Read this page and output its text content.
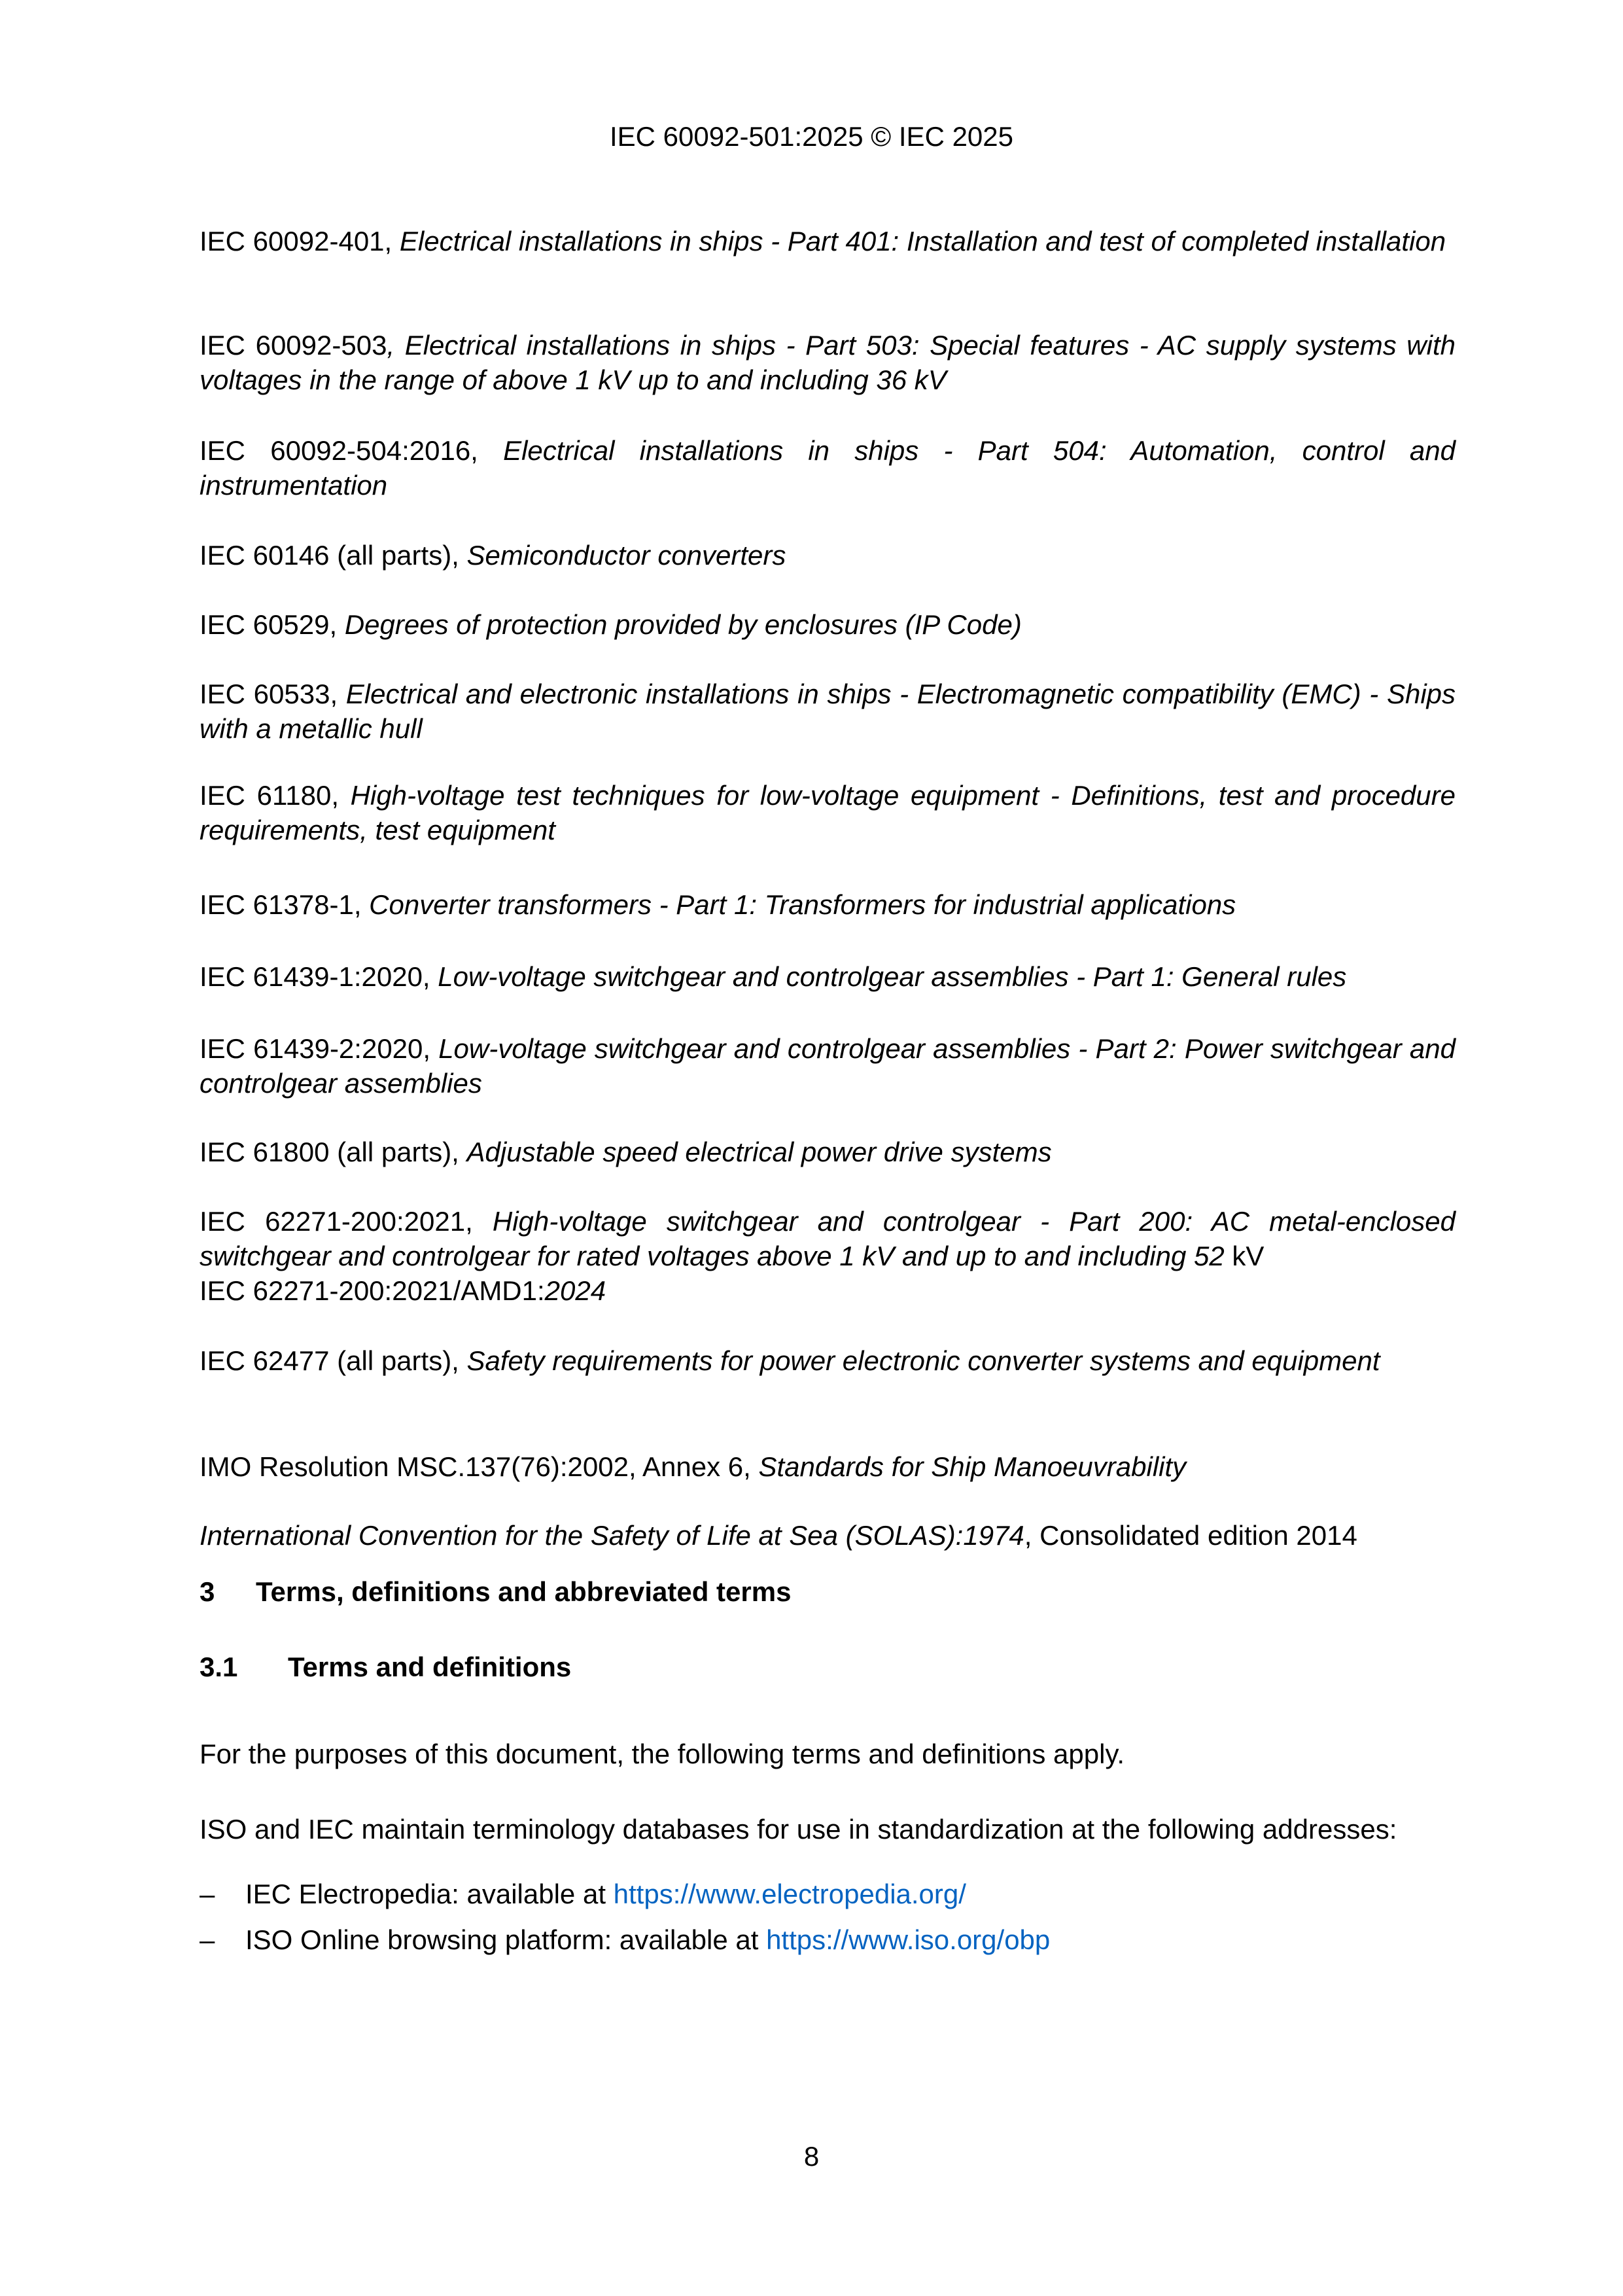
IEC 60092-501:2025 © IEC 2025

IEC 60092-401, Electrical installations in ships - Part 401: Installation and test of completed installation

IEC 60092-503, Electrical installations in ships - Part 503: Special features - AC supply systems with voltages in the range of above 1 kV up to and including 36 kV

IEC 60092-504:2016, Electrical installations in ships - Part 504: Automation, control and instrumentation

IEC 60146 (all parts), Semiconductor converters

IEC 60529, Degrees of protection provided by enclosures (IP Code)

IEC 60533, Electrical and electronic installations in ships - Electromagnetic compatibility (EMC) - Ships with a metallic hull

IEC 61180, High-voltage test techniques for low-voltage equipment - Definitions, test and procedure requirements, test equipment

IEC 61378-1, Converter transformers - Part 1: Transformers for industrial applications

IEC 61439-1:2020, Low-voltage switchgear and controlgear assemblies - Part 1: General rules

IEC 61439-2:2020, Low-voltage switchgear and controlgear assemblies - Part 2: Power switchgear and controlgear assemblies

IEC 61800 (all parts), Adjustable speed electrical power drive systems

IEC 62271-200:2021, High-voltage switchgear and controlgear - Part 200: AC metal-enclosed switchgear and controlgear for rated voltages above 1 kV and up to and including 52 kV

IEC 62271-200:2021/AMD1:2024

IEC 62477 (all parts), Safety requirements for power electronic converter systems and equipment

IMO Resolution MSC.137(76):2002, Annex 6, Standards for Ship Manoeuvrability

International Convention for the Safety of Life at Sea (SOLAS):1974, Consolidated edition 2014

3	Terms, definitions and abbreviated terms
3.1	Terms and definitions

For the purposes of this document, the following terms and definitions apply.

ISO and IEC maintain terminology databases for use in standardization at the following addresses:

–	IEC Electropedia: available at https://www.electropedia.org/
–	ISO Online browsing platform: available at https://www.iso.org/obp
8
